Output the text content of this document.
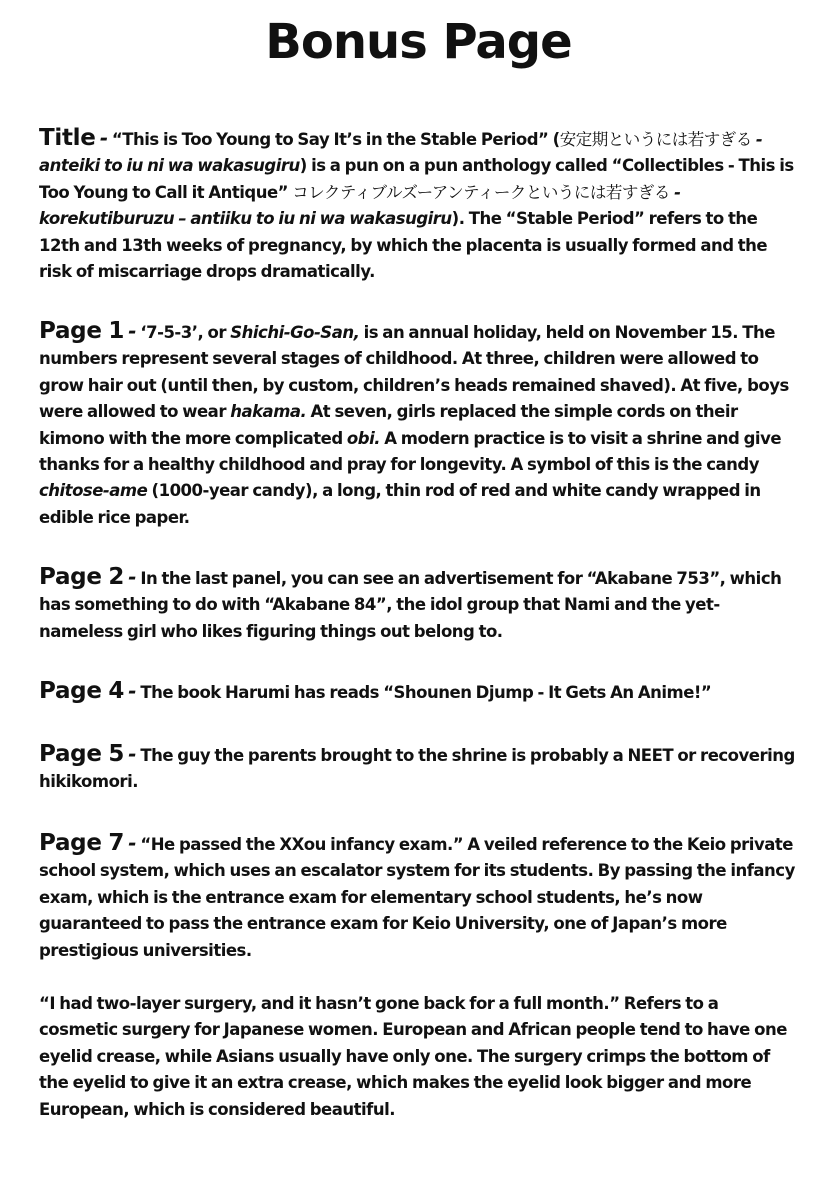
Bonus Page

Title - “This is Too Young to Say It’s in the Stable Period” (安定期というには若すぎる - anteiki to iu ni wa wakasugiru) is a pun on a pun anthology called “Collectibles - This is Too Young to Call it Antique” コレクティブルズーアンティークというには若すぎる - korekutiburuzu – antiiku to iu ni wa wakasugiru). The “Stable Period” refers to the 12th and 13th weeks of pregnancy, by which the placenta is usually formed and the risk of miscarriage drops dramatically.

Page 1 - ‘7-5-3’, or Shichi-Go-San, is an annual holiday, held on November 15. The numbers represent several stages of childhood. At three, children were allowed to grow hair out (until then, by custom, children’s heads remained shaved). At five, boys were allowed to wear hakama. At seven, girls replaced the simple cords on their kimono with the more complicated obi. A modern practice is to visit a shrine and give thanks for a healthy childhood and pray for longevity. A symbol of this is the candy chitose-ame (1000-year candy), a long, thin rod of red and white candy wrapped in edible rice paper.

Page 2 - In the last panel, you can see an advertisement for “Akabane 753”, which has something to do with “Akabane 84”, the idol group that Nami and the yet-nameless girl who likes figuring things out belong to.

Page 4 - The book Harumi has reads “Shounen Djump - It Gets An Anime!”

Page 5 - The guy the parents brought to the shrine is probably a NEET or recovering hikikomori.

Page 7 - “He passed the XXou infancy exam.” A veiled reference to the Keio private school system, which uses an escalator system for its students. By passing the infancy exam, which is the entrance exam for elementary school students, he’s now guaranteed to pass the entrance exam for Keio University, one of Japan’s more prestigious universities.

“I had two-layer surgery, and it hasn’t gone back for a full month.” Refers to a cosmetic surgery for Japanese women. European and African people tend to have one eyelid crease, while Asians usually have only one. The surgery crimps the bottom of the eyelid to give it an extra crease, which makes the eyelid look bigger and more European, which is considered beautiful.
